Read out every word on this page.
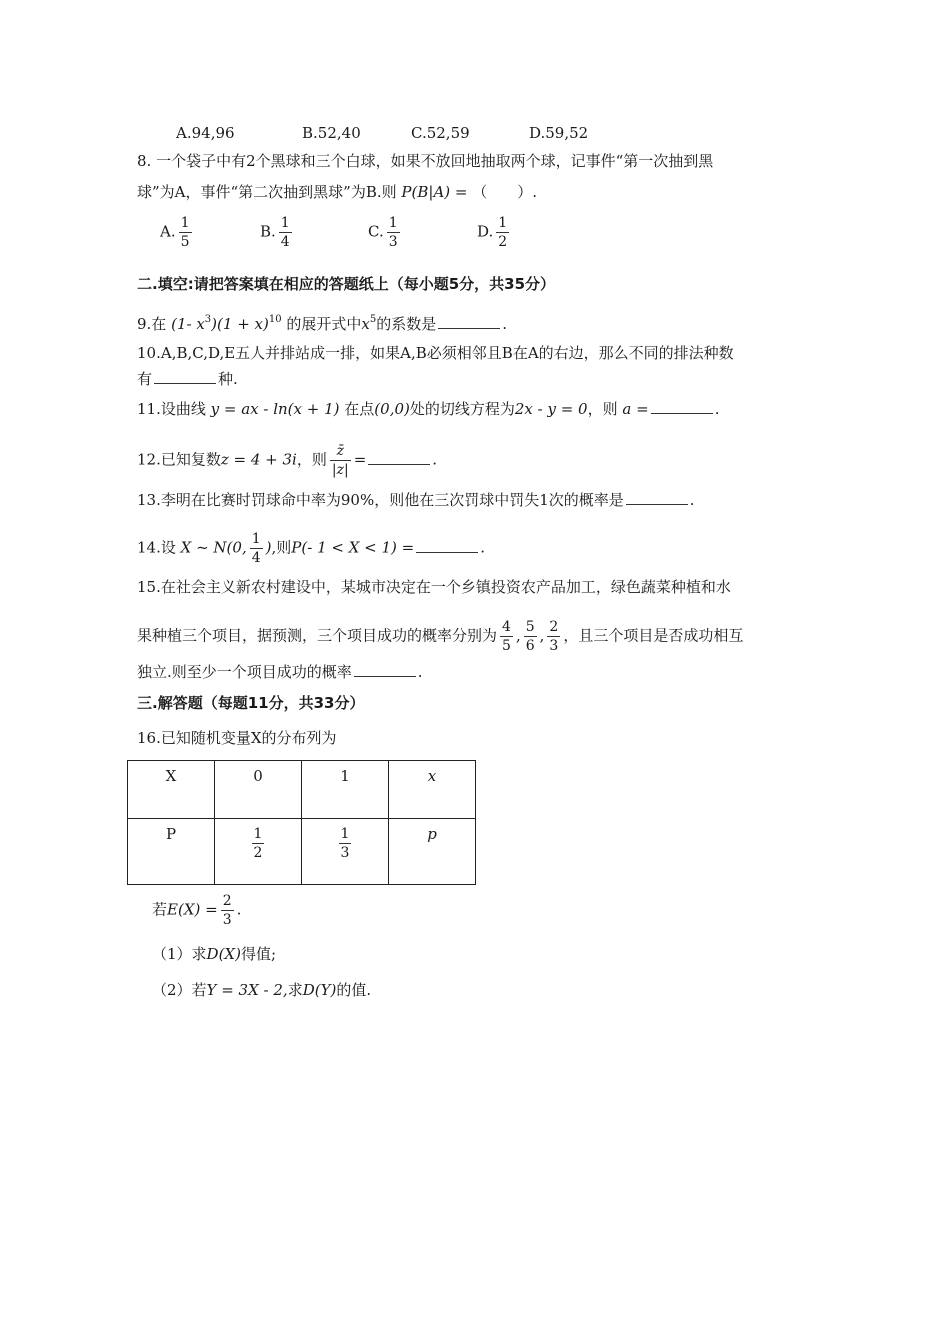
A.94,96	B.52,40	C.52,59	D.59,52
8. 一个袋子中有2个黑球和三个白球，如果不放回地抽取两个球，记事件“第一次抽到黑
球”为A，事件“第二次抽到黑球”为B.则 P(B|A) = （　　）.
A. $\frac{1}{5}$	B. $\frac{1}{4}$	C. $\frac{1}{3}$	D. $\frac{1}{2}$
二.填空:请把答案填在相应的答题纸上（每小题5分，共35分）
9.在 (1- $x^3)(1 + x)^{10}$ 的展开式中$x^5$的系数是	.
10.A,B,C,D,E五人并排站成一排，如果A,B必须相邻且B在A的右边，那么不同的排法种数
有	种.
11.设曲线 y = ax - ln(x + 1) 在点(0,0)处的切线方程为2x - y = 0，则 a =	.
12.已知复数z = 4 + 3i，则 $\frac{z̄}{|z|}$ =	.
13.李明在比赛时罚球命中率为90%，则他在三次罚球中罚失1次的概率是	.
14.设 X ~ N(0, $\frac{1}{4}$ ),则P(- 1 < X < 1) =	.
15.在社会主义新农村建设中，某城市决定在一个乡镇投资农产品加工，绿色蔬菜种植和水
果种植三个项目，据预测，三个项目成功的概率分别为 $\frac{4}{5}$ , $\frac{5}{6}$ , $\frac{2}{3}$ ，且三个项目是否成功相互
独立.则至少一个项目成功的概率	.
三.解答题（每题11分，共33分）
16.已知随机变量X的分布列为
X	0	1	x
P	$\frac{1}{2}$	$\frac{1}{3}$	p
若$E(X) = \frac{2}{3}$ .
（1）求D(X)得值;
（2）若Y = 3X - 2,求D(Y)的值.
